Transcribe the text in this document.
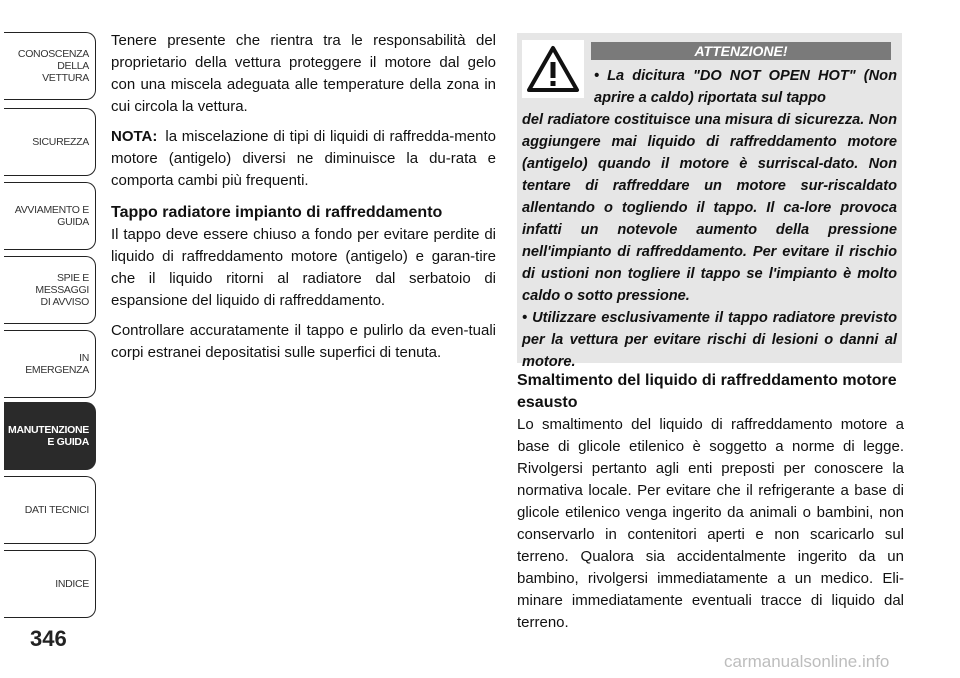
CONOSCENZA DELLA
VETTURA
SICUREZZA
AVVIAMENTO E
GUIDA
SPIE E
MESSAGGI
DI AVVISO
IN
EMERGENZA
MANUTENZIONE
E GUIDA
DATI TECNICI
INDICE
346

Tenere presente che rientra tra le responsabilità del proprietario della vettura proteggere il motore dal gelo con una miscela adeguata alle temperature della zona in cui circola la vettura.

NOTA: la miscelazione di tipi di liquidi di raffredda-mento motore (antigelo) diversi ne diminuisce la du-rata e comporta cambi più frequenti.

Tappo radiatore impianto di raffreddamento

Il tappo deve essere chiuso a fondo per evitare perdite di liquido di raffreddamento motore (antigelo) e garan-tire che il liquido ritorni al radiatore dal serbatoio di espansione del liquido di raffreddamento.

Controllare accuratamente il tappo e pulirlo da even-tuali corpi estranei depositatisi sulle superfici di tenuta.

ATTENZIONE!

• La dicitura "DO NOT OPEN HOT" (Non aprire a caldo) riportata sul tappo

del radiatore costituisce una misura di sicurezza. Non aggiungere mai liquido di raffreddamento motore (antigelo) quando il motore è surriscal-dato. Non tentare di raffreddare un motore sur-riscaldato allentando o togliendo il tappo. Il ca-lore provoca infatti un notevole aumento della pressione nell'impianto di raffreddamento. Per evitare il rischio di ustioni non togliere il tappo se l'impianto è molto caldo o sotto pressione.

• Utilizzare esclusivamente il tappo radiatore previsto per la vettura per evitare rischi di lesioni o danni al motore.

Smaltimento del liquido di raffreddamento motore esausto

Lo smaltimento del liquido di raffreddamento motore a base di glicole etilenico è soggetto a norme di legge. Rivolgersi pertanto agli enti preposti per conoscere la normativa locale. Per evitare che il refrigerante a base di glicole etilenico venga ingerito da animali o bambini, non conservarlo in contenitori aperti e non scaricarlo sul terreno. Qualora sia accidentalmente ingerito da un bambino, rivolgersi immediatamente a un medico. Eli-minare immediatamente eventuali tracce di liquido dal terreno.

carmanualsonline.info
